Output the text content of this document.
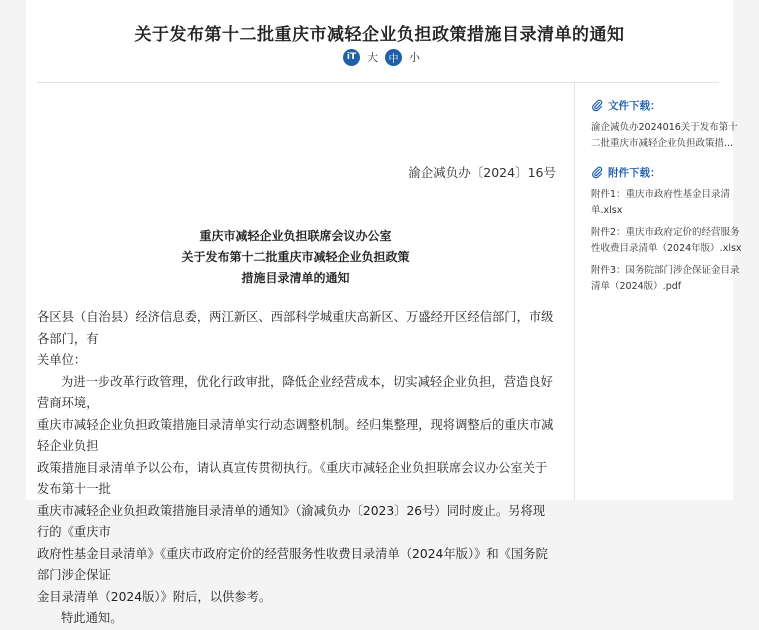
关于发布第十二批重庆市减轻企业负担政策措施目录清单的通知
iT 大	中 小
渝企减负办〔2024〕16号
重庆市减轻企业负担联席会议办公室
关于发布第十二批重庆市减轻企业负担政策
措施目录清单的通知

各区县（自治县）经济信息委，两江新区、西部科学城重庆高新区、万盛经开区经信部门，市级各部门，有

关单位：

为进一步改革行政管理，优化行政审批，降低企业经营成本，切实减轻企业负担，营造良好营商环境，

重庆市减轻企业负担政策措施目录清单实行动态调整机制。经归集整理，现将调整后的重庆市减轻企业负担

政策措施目录清单予以公布，请认真宣传贯彻执行。《重庆市减轻企业负担联席会议办公室关于发布第十一批

重庆市减轻企业负担政策措施目录清单的通知》（渝减负办〔2023〕26号）同时废止。另将现行的《重庆市

政府性基金目录清单》《重庆市政府定价的经营服务性收费目录清单（2024年版）》和《国务院部门涉企保证

金目录清单（2024版）》附后，以供参考。

特此通知。

文件下载：
渝企减负办2024016关于发布第十
二批重庆市减轻企业负担政策措...
附件下载：
附件1：重庆市政府性基金目录清
单.xlsx
附件2：重庆市政府定价的经营服务
性收费目录清单（2024年版）.xlsx
附件3：国务院部门涉企保证金目录
清单（2024版）.pdf
